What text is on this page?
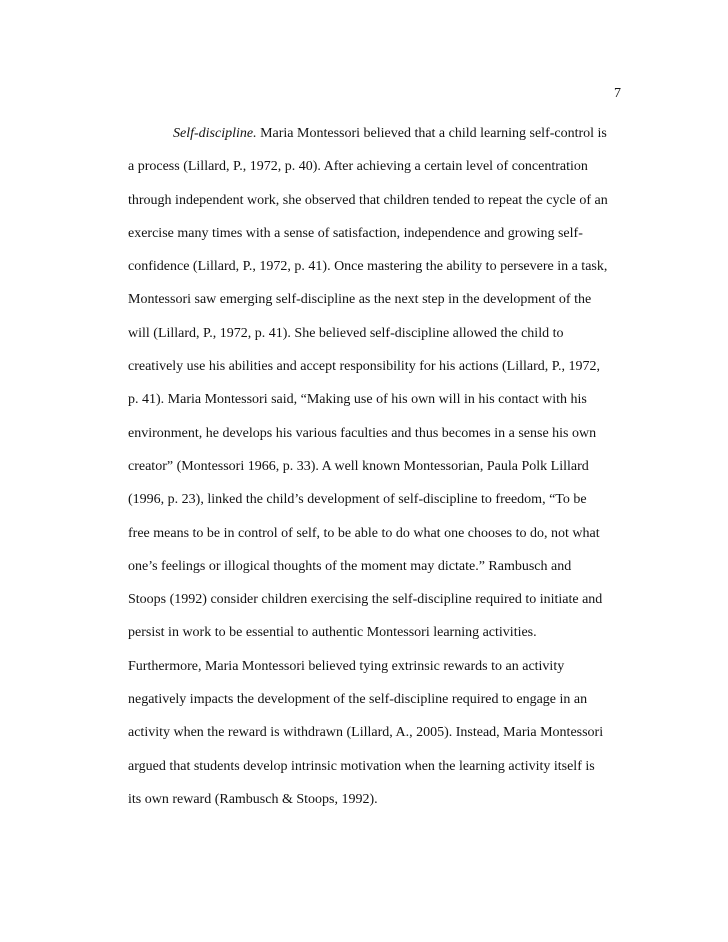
7
Self-discipline. Maria Montessori believed that a child learning self-control is
a process (Lillard, P., 1972, p. 40). After achieving a certain level of concentration
through independent work, she observed that children tended to repeat the cycle of an
exercise many times with a sense of satisfaction, independence and growing self-
confidence (Lillard, P., 1972, p. 41). Once mastering the ability to persevere in a task,
Montessori saw emerging self-discipline as the next step in the development of the
will (Lillard, P., 1972, p. 41). She believed self-discipline allowed the child to
creatively use his abilities and accept responsibility for his actions (Lillard, P., 1972,
p. 41). Maria Montessori said, “Making use of his own will in his contact with his
environment, he develops his various faculties and thus becomes in a sense his own
creator” (Montessori 1966, p. 33). A well known Montessorian, Paula Polk Lillard
(1996, p. 23), linked the child’s development of self-discipline to freedom, “To be
free means to be in control of self, to be able to do what one chooses to do, not what
one’s feelings or illogical thoughts of the moment may dictate.” Rambusch and
Stoops (1992) consider children exercising the self-discipline required to initiate and
persist in work to be essential to authentic Montessori learning activities.
Furthermore, Maria Montessori believed tying extrinsic rewards to an activity
negatively impacts the development of the self-discipline required to engage in an
activity when the reward is withdrawn (Lillard, A., 2005). Instead, Maria Montessori
argued that students develop intrinsic motivation when the learning activity itself is
its own reward (Rambusch & Stoops, 1992).
